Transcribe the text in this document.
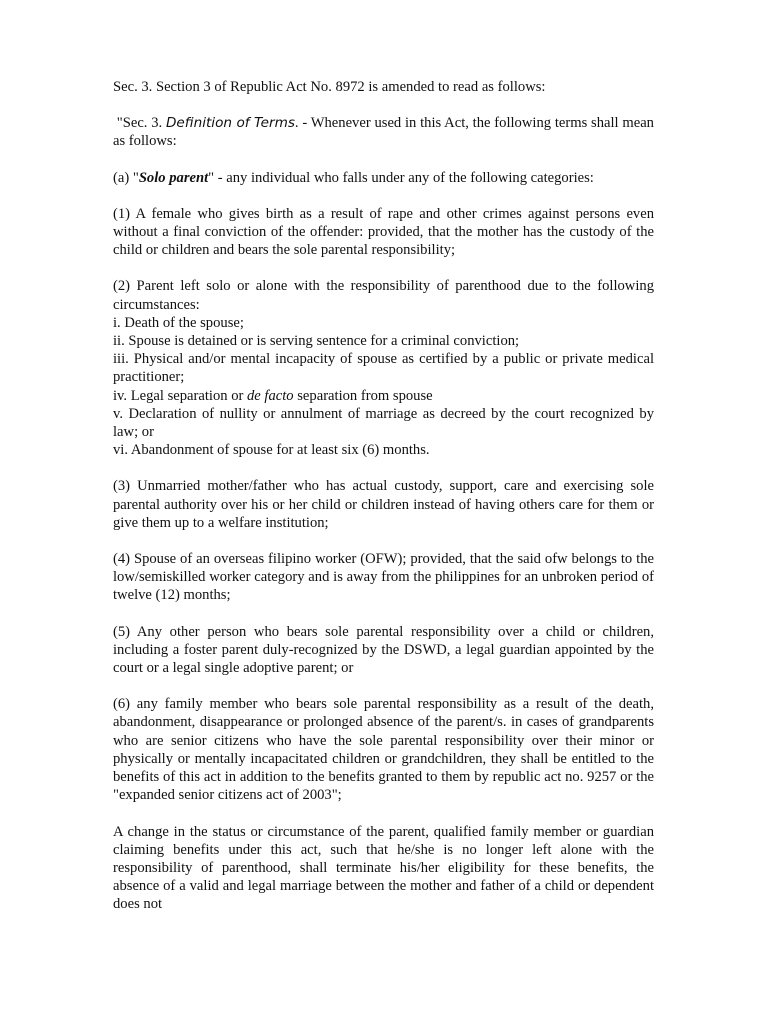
Sec. 3. Section 3 of Republic Act No. 8972 is amended to read as follows:

"Sec. 3. Definition of Terms. - Whenever used in this Act, the following terms shall mean as follows:

(a) "Solo parent" - any individual who falls under any of the following categories:

(1) A female who gives birth as a result of rape and other crimes against persons even without a final conviction of the offender: provided, that the mother has the custody of the child or children and bears the sole parental responsibility;

(2) Parent left solo or alone with the responsibility of parenthood due to the following circumstances:
i. Death of the spouse;
ii. Spouse is detained or is serving sentence for a criminal conviction;
iii. Physical and/or mental incapacity of spouse as certified by a public or private medical practitioner;
iv. Legal separation or de facto separation from spouse
v. Declaration of nullity or annulment of marriage as decreed by the court recognized by law; or
vi. Abandonment of spouse for at least six (6) months.

(3) Unmarried mother/father who has actual custody, support, care and exercising sole parental authority over his or her child or children instead of having others care for them or give them up to a welfare institution;

(4) Spouse of an overseas filipino worker (OFW); provided, that the said ofw belongs to the low/semiskilled worker category and is away from the philippines for an unbroken period of twelve (12) months;

(5) Any other person who bears sole parental responsibility over a child or children, including a foster parent duly-recognized by the DSWD, a legal guardian appointed by the court or a legal single adoptive parent; or

(6) any family member who bears sole parental responsibility as a result of the death, abandonment, disappearance or prolonged absence of the parent/s. in cases of grandparents who are senior citizens who have the sole parental responsibility over their minor or physically or mentally incapacitated children or grandchildren, they shall be entitled to the benefits of this act in addition to the benefits granted to them by republic act no. 9257 or the "expanded senior citizens act of 2003";

A change in the status or circumstance of the parent, qualified family member or guardian claiming benefits under this act, such that he/she is no longer left alone with the responsibility of parenthood, shall terminate his/her eligibility for these benefits, the absence of a valid and legal marriage between the mother and father of a child or dependent does not
